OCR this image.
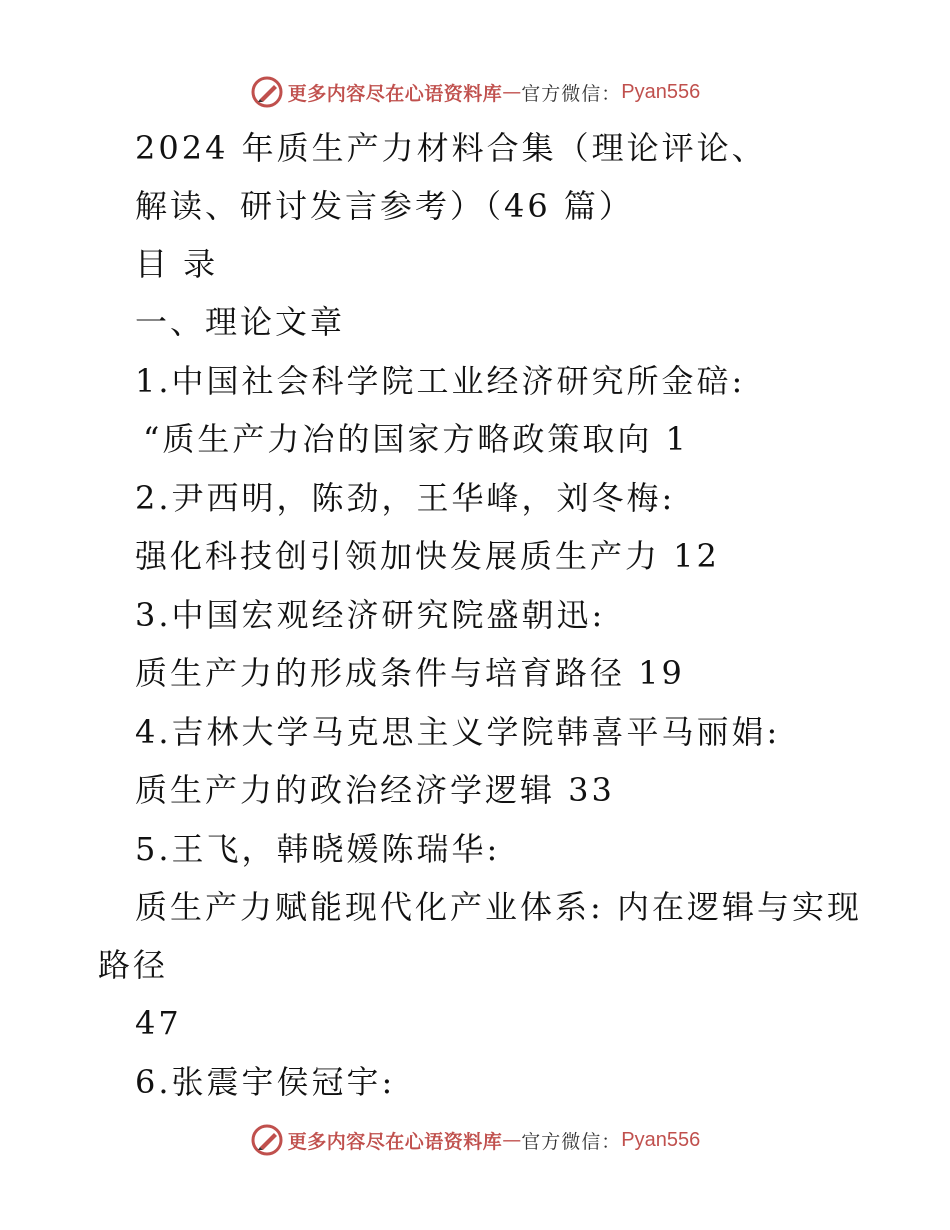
更多内容尽在心语资料库 — 官方微信： Pyan556
2024 年质生产力材料合集（理论评论、
解读、研讨发言参考）（46 篇）
目 录
一、理论文章
1.中国社会科学院工业经济研究所金碚:
“质生产力冶的国家方略政策取向 1
2.尹西明，陈劲，王华峰，刘冬梅:
强化科技创引领加快发展质生产力 12
3.中国宏观经济研究院盛朝迅:
质生产力的形成条件与培育路径 19
4.吉林大学马克思主义学院韩喜平马丽娟:
质生产力的政治经济学逻辑 33
5.王飞，韩晓媛陈瑞华:
质生产力赋能现代化产业体系: 内在逻辑与实现
路径
47
6.张震宇侯冠宇:
更多内容尽在心语资料库 — 官方微信： Pyan556
